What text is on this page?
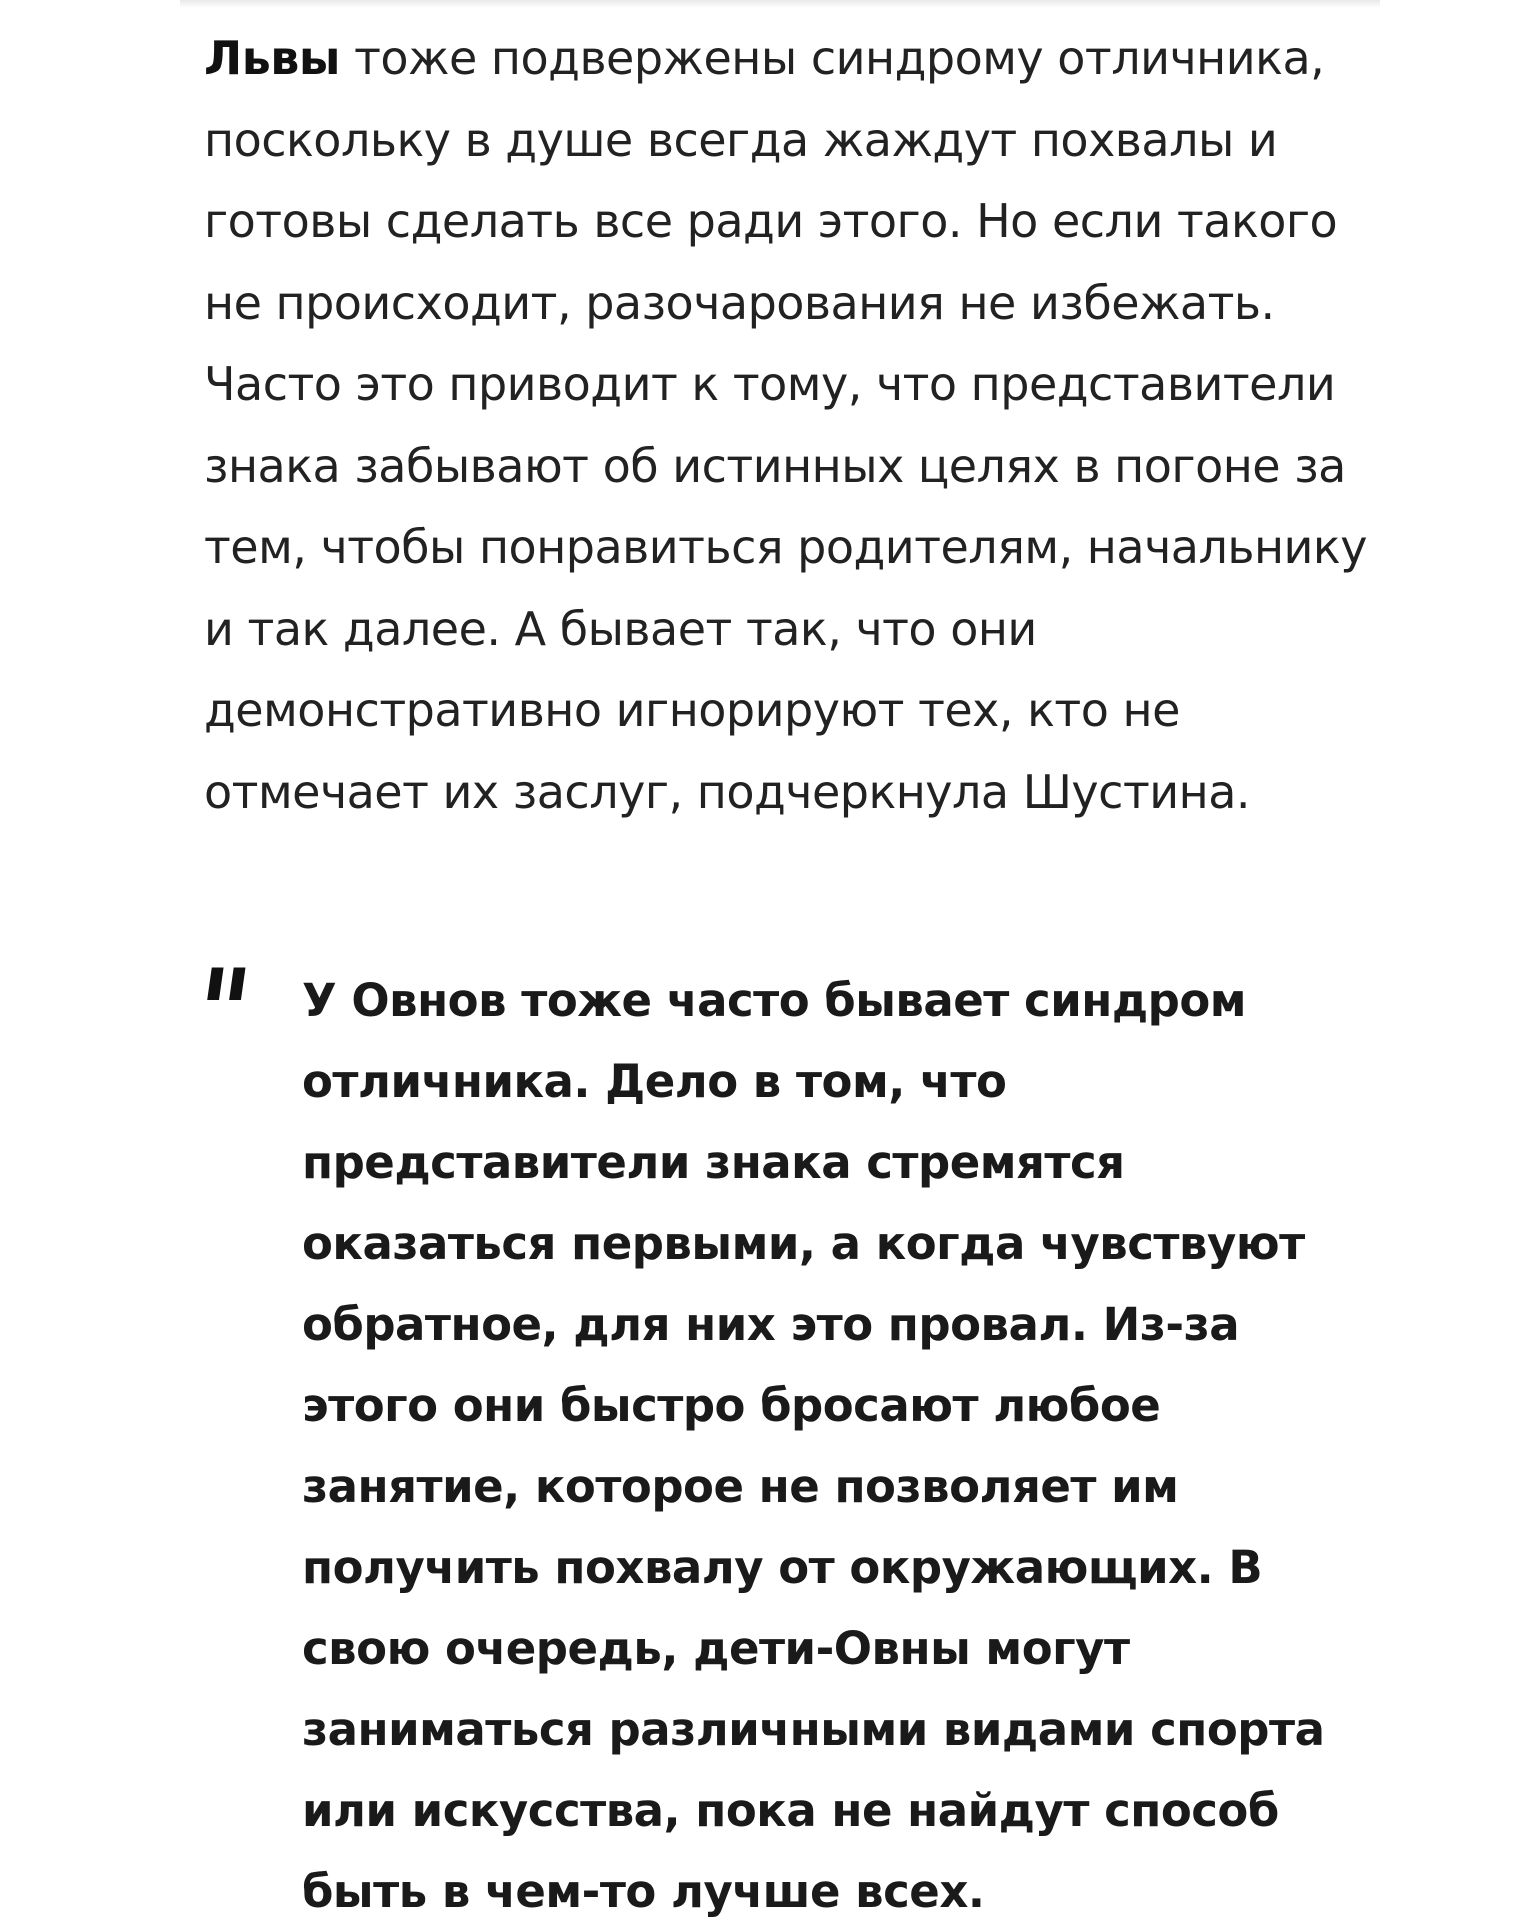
Львы тоже подвержены синдрому отличника, поскольку в душе всегда жаждут похвалы и готовы сделать все ради этого. Но если такого не происходит, разочарования не избежать. Часто это приводит к тому, что представители знака забывают об истинных целях в погоне за тем, чтобы понравиться родителям, начальнику и так далее. А бывает так, что они демонстративно игнорируют тех, кто не отмечает их заслуг, подчеркнула Шустина.

" У Овнов тоже часто бывает синдром отличника. Дело в том, что представители знака стремятся оказаться первыми, а когда чувствуют обратное, для них это провал. Из-за этого они быстро бросают любое занятие, которое не позволяет им получить похвалу от окружающих. В свою очередь, дети-Овны могут заниматься различными видами спорта или искусства, пока не найдут способ быть в чем-то лучше всех.
